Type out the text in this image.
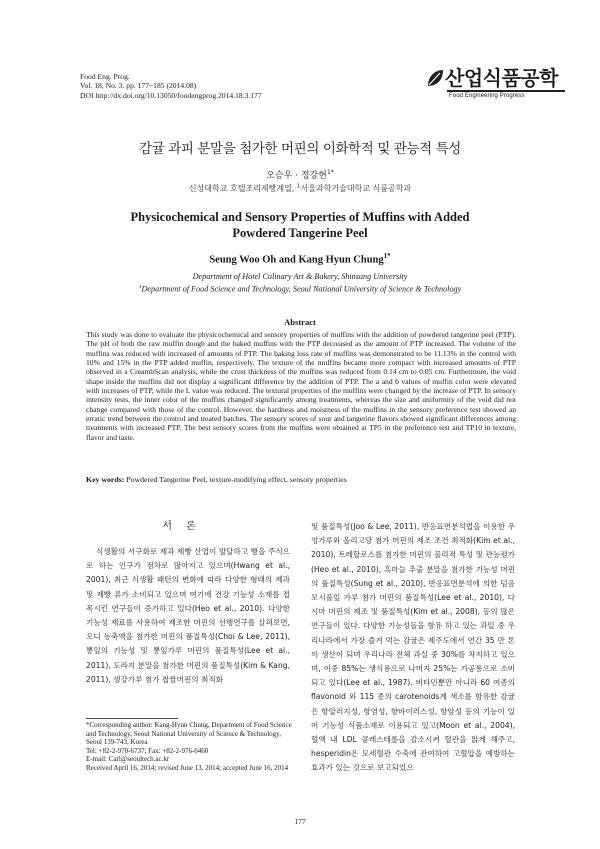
Food Eng. Prog.
Vol. 18, No. 3. pp. 177~185 (2014.08)
DOI http://dx.doi.org/10.13050/foodengprog.2014.18.3.177
산업식품공학
Food Engineering Progress
감귤 과피 분말을 첨가한 머핀의 이화학적 및 관능적 특성
오승우 · 정강현$^{1*}$
신성대학교 호텔조리제빵계열, $^1$서울과학기술대학교 식품공학과
Physicochemical and Sensory Properties of Muffins with Added
Powdered Tangerine Peel
Seung Woo Oh and Kang Hyun Chung$^{1*}$
Department of Hotel Culinary Art & Bakery, Shinsung University
$^1$Department of Food Science and Technology, Seoul National University of Science & Technology
Abstract
This study was done to evaluate the physicochemical and sensory properties of muffins with the addition of powdered tangerine peel (PTP). The pH of both the raw muffin dough and the baked muffins with the PTP decreased as the amount of PTP increased. The volume of the muffins was reduced with increased of amounts of PTP. The baking loss rate of muffins was demonstrated to be 11.13% in the control with 10% and 15% in the PTP added muffin, respectively. The texture of the muffins became more compact with increased amounts of PTP observed in a CreambScan analysis, while the crust thickness of the muffins was reduced from 0.14 cm to 0.05 cm. Furthermore, the void shape inside the muffins did not display a significant difference by the addition of PTP. The a and b values of muffin color were elevated with increases of PTP, while the L value was reduced. The textural properties of the muffins were changed by the increase of PTP. In sensory intensity tests, the inner color of the muffins changed significantly among treatments, whereas the size and uniformity of the void did not change compared with those of the control. However, the hardness and moistness of the muffins in the sensory preference test showed an erratic trend between the control and treated batches. The sensory scores of sour and tangerine flavors showed significant differences among treatments with increased PTP. The best sensory scores from the muffins were obtained at TP5 in the preference test and TP10 in texture, flavor and taste.
Key words: Powdered Tangerine Peel, texture-modifying effect, sensory properties
서론

식생활의 서구화로 제과 제빵 산업이 발달하고 빵을 주식으로 하는 인구가 점차로 많아지고 있으며(Hwang et al., 2001), 최근 식생활 패턴의 변화에 따라 다양한 형태의 제과 및 제빵 류가 소비되고 있으며 여기에 건강 기능성 소재를 접목시킨 연구들이 증가하고 있다(Heo et al., 2010). 다양한 기능성 재료를 사용하여 제조한 머핀의 선행연구를 살펴보면, 오디 농축액을 첨가한 머핀의 품질특성(Choi & Lee, 2011), 뽕잎의 기능성 및 뽕잎가루 머핀의 품질특성(Lee et al., 2011), 도라지 분말을 첨가한 머핀의 품질특성(Kim & Kang, 2011), 생강가루 첨가 찹쌀머핀의 최적화

및 품질특성(Joo & Lee, 2011), 반응표면분석법을 이용한 우엉가루와 올리고당 첨가 머핀의 제조 조건 최적화(Kim et al., 2010), 트레할로스를 첨가한 머핀의 물리적 특성 및 관능평가(Heo et al., 2010), 흑마늘 추출 분말을 첨가한 기능성 머핀의 품질특성(Sung et al., 2010), 반응표면분석에 의한 덤음 모시풀잎 가루 첨가 머핀의 품질특성(Lee et al., 2010), 다시마 머핀의 제조 및 품질특성(Kim et al., 2008), 등의 많은 연구들이 있다. 다양한 기능성들을 함유 하고 있는 과일 중 우리나라에서 가장 즐겨 먹는 감귤은 제주도에서 연간 35 만 톤이 생산이 되며 우리나라 전체 과실 중 30%를 차지하고 있으며, 이중 85%는 생식용으로 나머지 25%는 가공용으로 소비되고 있다(Lee et al., 1987). 비타민뿐만 아니라 60 여종의 flavonoid 와 115 종의 carotenoids계 색소를 함유한 감귤은 항알러지성, 항염성, 항바이러스성, 항암성 등의 기능이 있어 기능성 식품소재로 이용되고 있고(Moon et al., 2004), 혈액 내 LDL 콜레스테롤을 감소시켜 혈관을 맑게 해주고, hesperidin은 모세혈관 수축에 관여하여 고혈압을 예방하는 효과가 있는 것으로 보고되었으

*Corresponding author: Kang-Hyun Chung, Department of Food Science and Technology, Seoul National University of Science & Technology, Seoul 139-743, Korea
Tel: +82-2-970-6737; Fax: +82-2-976-6460
E-mail: Carl@seoultech.ac.kr
Received April 16, 2014; revised June 13, 2014; accepted June 16, 2014
177
